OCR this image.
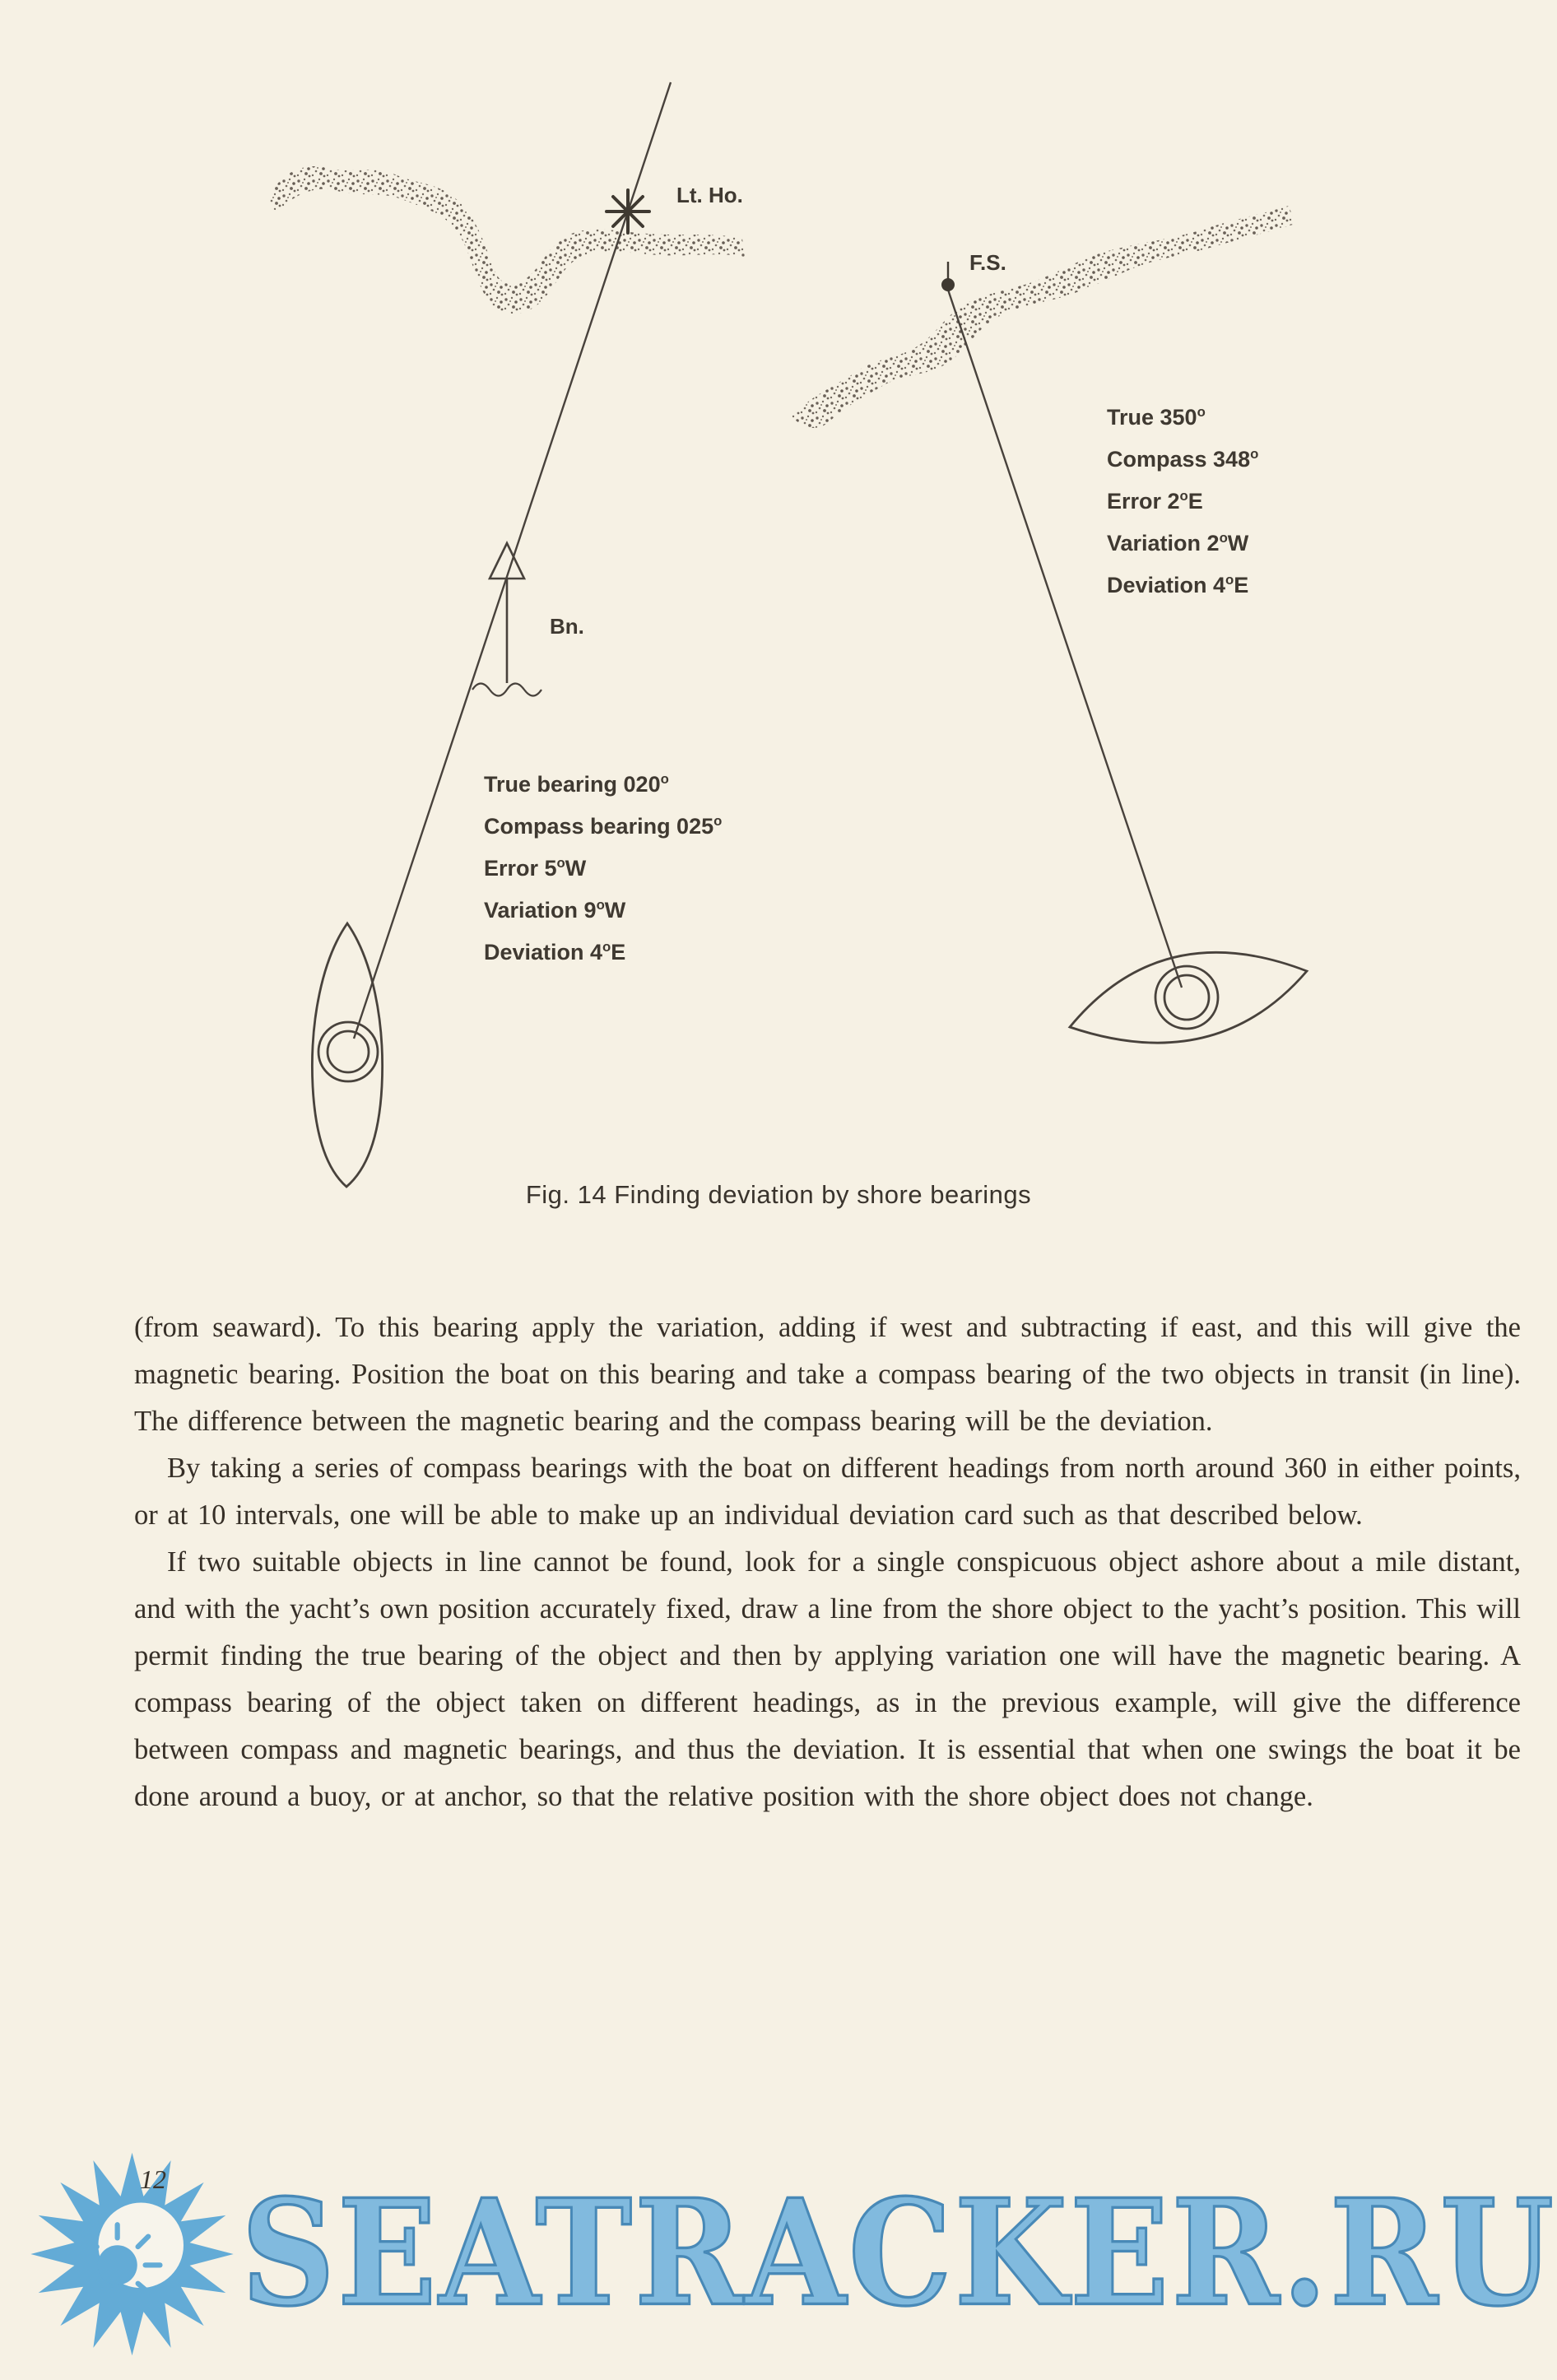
Lt. Ho.
F.S.
Bn.
True bearing 020$^o$
Compass bearing 025$^o$
Error 5$^o$W
Variation 9$^o$W
Deviation 4$^o$E
True 350$^o$
Compass 348$^o$
Error 2$^o$E
Variation 2$^o$W
Deviation 4$^o$E
Fig. 14 Finding deviation by shore bearings

(from seaward). To this bearing apply the variation, adding if west and subtracting if east, and this will give the magnetic bearing. Position the boat on this bearing and take a compass bearing of the two objects in transit (in line). The difference between the magnetic bearing and the compass bearing will be the deviation.

By taking a series of compass bearings with the boat on different headings from north around 360 in either points, or at 10 intervals, one will be able to make up an individual deviation card such as that described below.

If two suitable objects in line cannot be found, look for a single conspicuous object ashore about a mile distant, and with the yacht’s own position accurately fixed, draw a line from the shore object to the yacht’s position. This will permit finding the true bearing of the object and then by applying variation one will have the magnetic bearing. A compass bearing of the object taken on different headings, as in the previous example, will give the difference between compass and magnetic bearings, and thus the deviation. It is essential that when one swings the boat it be done around a buoy, or at anchor, so that the relative position with the shore object does not change.

12 SEATRACKER.RU
